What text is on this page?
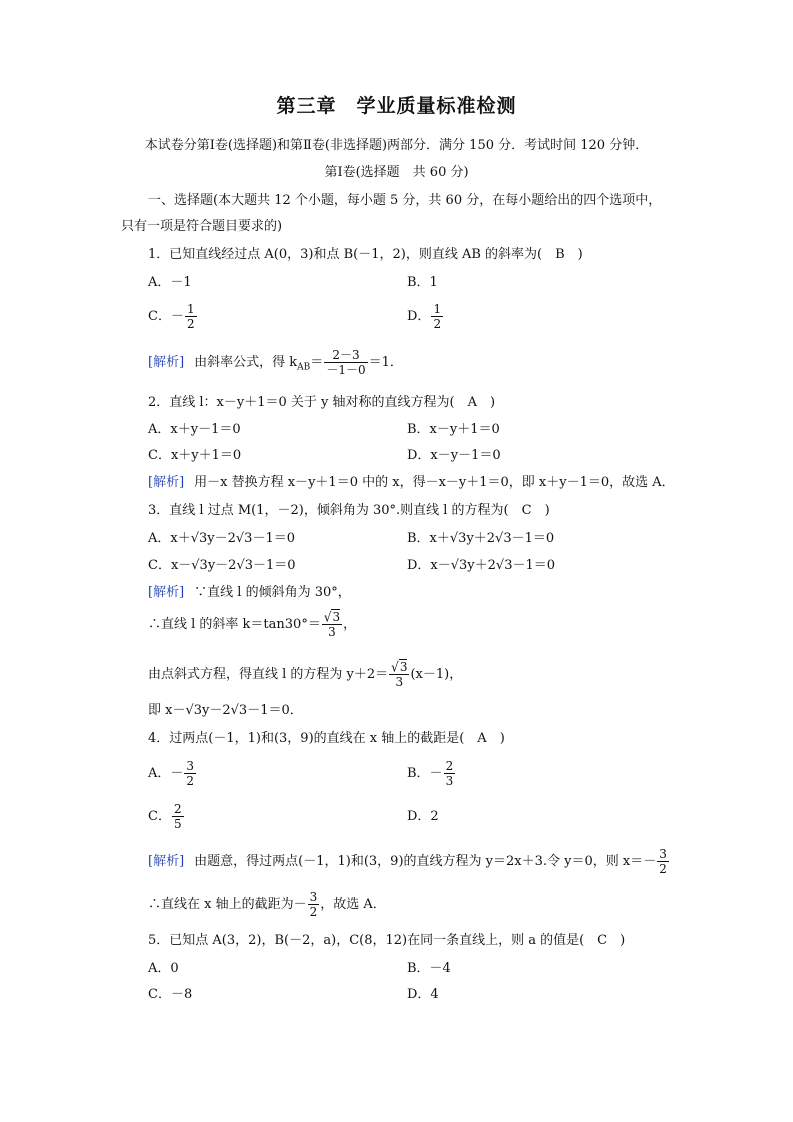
第三章　学业质量标准检测
本试卷分第Ⅰ卷(选择题)和第Ⅱ卷(非选择题)两部分．满分 150 分．考试时间 120 分钟．
第Ⅰ卷(选择题　共 60 分)
一、选择题(本大题共 12 个小题，每小题 5 分，共 60 分，在每小题给出的四个选项中，
只有一项是符合题目要求的)
1．已知直线经过点 A(0，3)和点 B(－1，2)，则直线 AB 的斜率为(　B　)
A．－1	B．1
C．－ $\frac{1}{2}$	D． $\frac{1}{2}$
[解析] 由斜率公式，得 $k_{AB}= \frac{2-3}{-1-0} =1$．
2．直线 l：x－y＋1＝0 关于 y 轴对称的直线方程为(　A　)
A．x＋y－1＝0	B．x－y＋1＝0
C．x＋y＋1＝0	D．x－y－1＝0
[解析] 用－x 替换方程 x－y＋1＝0 中的 x，得－x－y＋1＝0，即 x＋y－1＝0，故选 A．
3．直线 l 过点 M(1，－2)，倾斜角为 30°.则直线 l 的方程为(　C　)
A．x＋√3y－2√3－1＝0	B．x＋√3y＋2√3－1＝0
C．x－√3y－2√3－1＝0	D．x－√3y＋2√3－1＝0
[解析] ∵直线 l 的倾斜角为 30°，
∴直线 l 的斜率 $k=\tan 30^\circ= \frac{√3}{3}$ ，
由点斜式方程，得直线 l 的方程为 $y+2= \frac{√3}{3} (x-1)$，
即 x－√3y－2√3－1＝0．
4．过两点(－1，1)和(3，9)的直线在 x 轴上的截距是(　A　)
A．－ $\frac{3}{2}$	B．－ $\frac{2}{3}$
C． $\frac{2}{5}$	D．2
[解析] 由题意，得过两点(－1，1)和(3，9)的直线方程为 y＝2x＋3.令 y＝0，则 $x=- \frac{3}{2}$
∴直线在 x 轴上的截距为－ $\frac{3}{2}$ ，故选 A．
5．已知点 A(3，2)，B(－2，a)，C(8，12)在同一条直线上，则 a 的值是(　C　)
A．0	B．－4
C．－8	D．4
